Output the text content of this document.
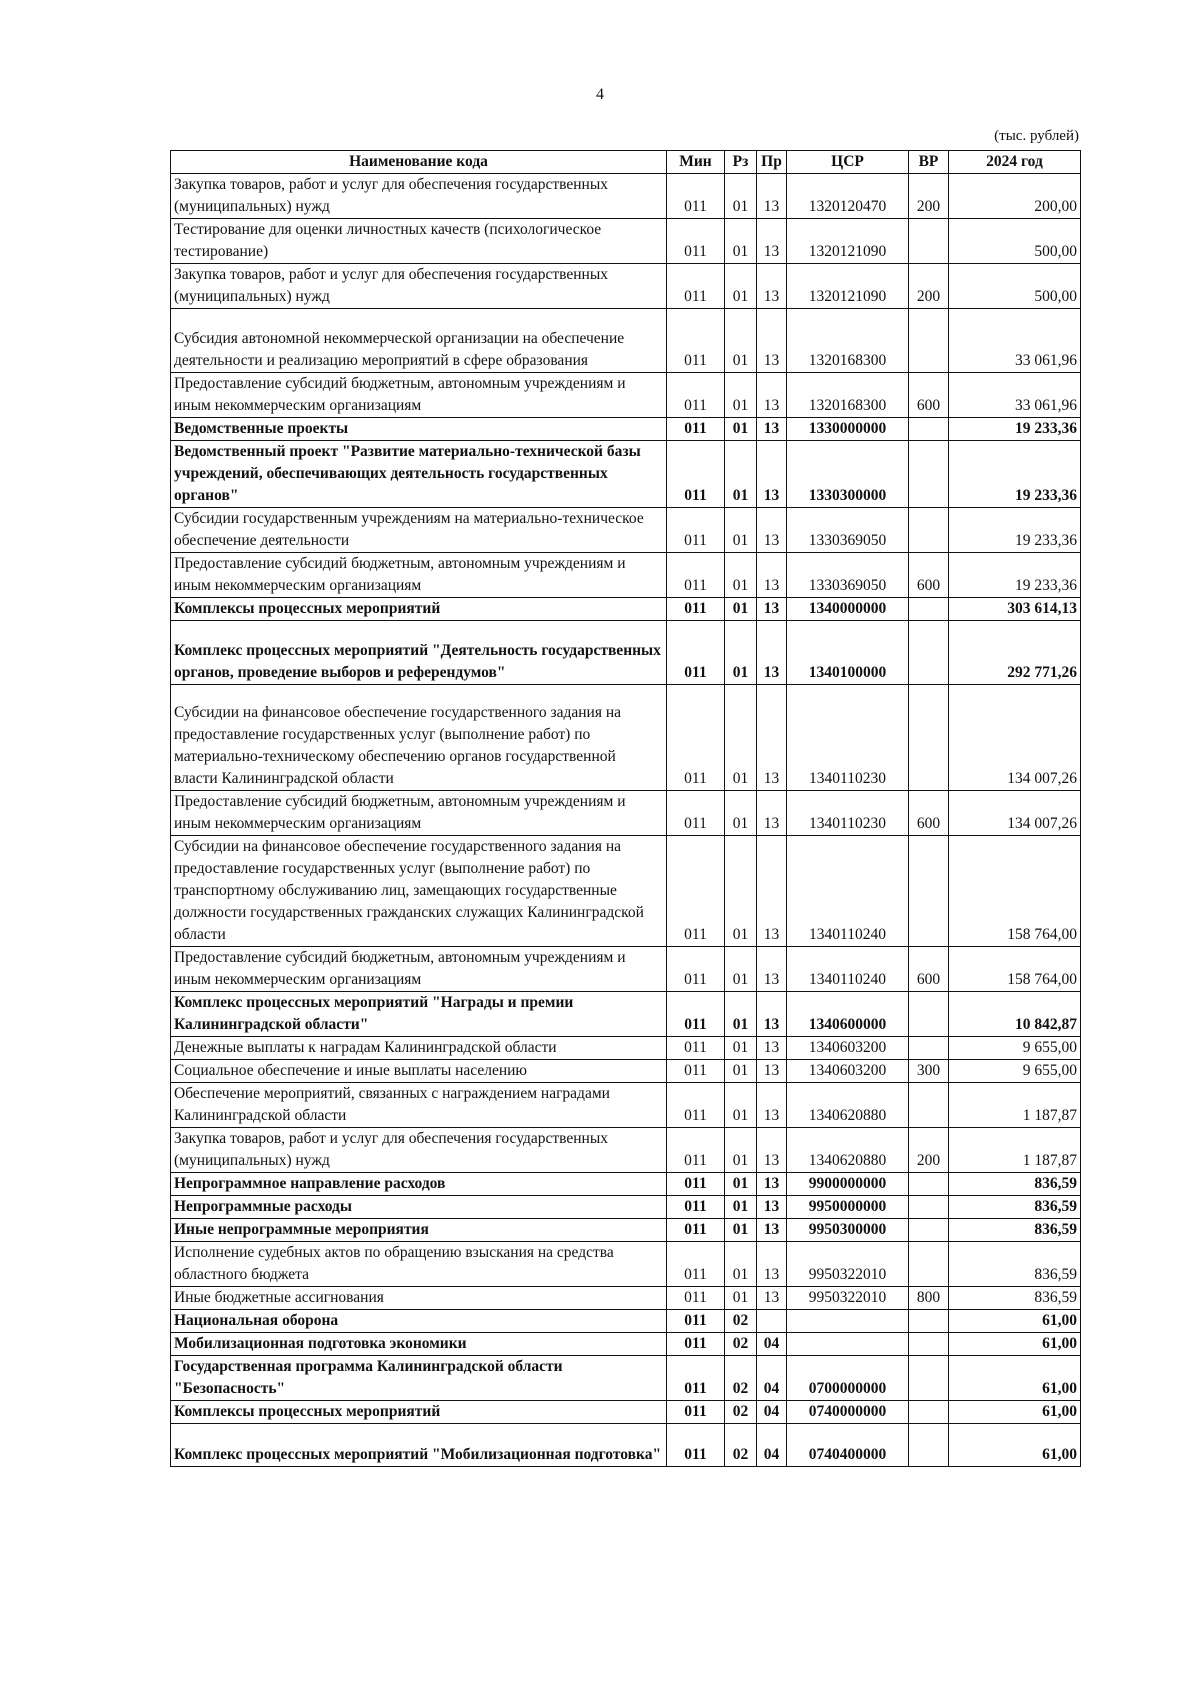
4
(тыс. рублей)
Наименование кода	Мин	Рз	Пр	ЦСР	ВР	2024 год
Закупка товаров, работ и услуг для обеспечения государственных (муниципальных) нужд	011	01	13	1320120470	200	200,00
Тестирование для оценки личностных качеств (психологическое тестирование)	011	01	13	1320121090		500,00
Закупка товаров, работ и услуг для обеспечения государственных (муниципальных) нужд	011	01	13	1320121090	200	500,00
Субсидия автономной некоммерческой организации на обеспечение деятельности и реализацию мероприятий в сфере образования	011	01	13	1320168300		33 061,96
Предоставление субсидий бюджетным, автономным учреждениям и иным некоммерческим организациям	011	01	13	1320168300	600	33 061,96
Ведомственные проекты	011	01	13	1330000000		19 233,36
Ведомственный проект "Развитие материально-технической базы учреждений, обеспечивающих деятельность государственных органов"	011	01	13	1330300000		19 233,36
Субсидии государственным учреждениям на материально-техническое обеспечение деятельности	011	01	13	1330369050		19 233,36
Предоставление субсидий бюджетным, автономным учреждениям и иным некоммерческим организациям	011	01	13	1330369050	600	19 233,36
Комплексы процессных мероприятий	011	01	13	1340000000		303 614,13
Комплекс процессных мероприятий "Деятельность государственных органов, проведение выборов и референдумов"	011	01	13	1340100000		292 771,26
Субсидии на финансовое обеспечение государственного задания на предоставление государственных услуг (выполнение работ) по материально-техническому обеспечению органов государственной власти Калининградской области	011	01	13	1340110230		134 007,26
Предоставление субсидий бюджетным, автономным учреждениям и иным некоммерческим организациям	011	01	13	1340110230	600	134 007,26
Субсидии на финансовое обеспечение государственного задания на предоставление государственных услуг (выполнение работ) по транспортному обслуживанию лиц, замещающих государственные должности государственных гражданских служащих Калининградской области	011	01	13	1340110240		158 764,00
Предоставление субсидий бюджетным, автономным учреждениям и иным некоммерческим организациям	011	01	13	1340110240	600	158 764,00
Комплекс процессных мероприятий "Награды и премии Калининградской области"	011	01	13	1340600000		10 842,87
Денежные выплаты к наградам Калининградской области	011	01	13	1340603200		9 655,00
Социальное обеспечение и иные выплаты населению	011	01	13	1340603200	300	9 655,00
Обеспечение мероприятий, связанных с награждением наградами Калининградской области	011	01	13	1340620880		1 187,87
Закупка товаров, работ и услуг для обеспечения государственных (муниципальных) нужд	011	01	13	1340620880	200	1 187,87
Непрограммное направление расходов	011	01	13	9900000000		836,59
Непрограммные расходы	011	01	13	9950000000		836,59
Иные непрограммные мероприятия	011	01	13	9950300000		836,59
Исполнение судебных актов по обращению взыскания на средства областного бюджета	011	01	13	9950322010		836,59
Иные бюджетные ассигнования	011	01	13	9950322010	800	836,59
Национальная оборона	011	02				61,00
Мобилизационная подготовка экономики	011	02	04			61,00
Государственная программа Калининградской области "Безопасность"	011	02	04	0700000000		61,00
Комплексы процессных мероприятий	011	02	04	0740000000		61,00
Комплекс процессных мероприятий "Мобилизационная подготовка"	011	02	04	0740400000		61,00
